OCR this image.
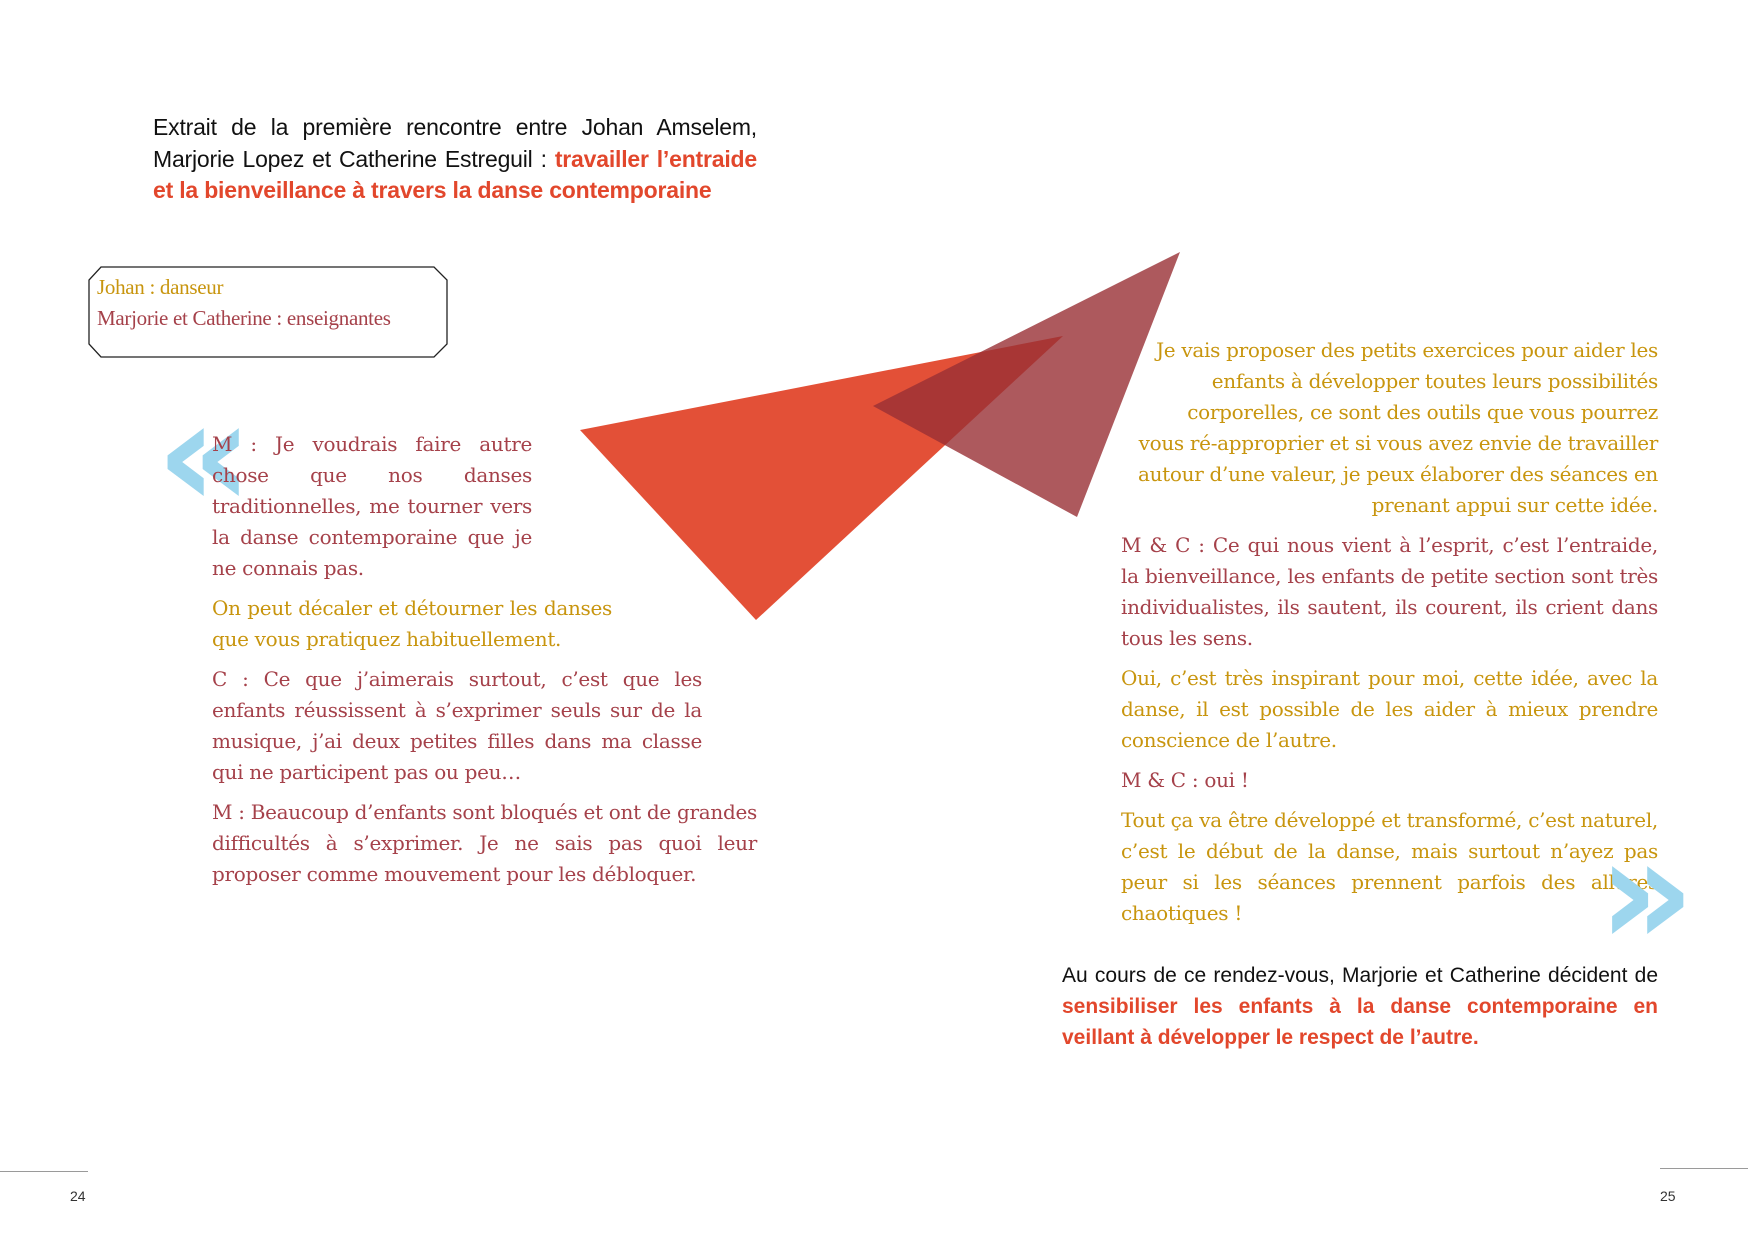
Extrait de la première rencontre entre Johan Amselem, Marjorie Lopez et Catherine Estreguil : travailler l’entraide et la bienveillance à travers la danse contemporaine
Johan : danseur
Marjorie et Catherine : enseignantes
«

M : Je voudrais faire autre chose que nos danses traditionnelles, me tourner vers la danse contemporaine que je ne connais pas.

On peut décaler et détourner les danses que vous pratiquez habituellement.

C : Ce que j’aimerais surtout, c’est que les enfants réussissent à s’exprimer seuls sur de la musique, j’ai deux petites filles dans ma classe qui ne participent pas ou peu…

M : Beaucoup d’enfants sont bloqués et ont de grandes difficultés à s’exprimer. Je ne sais pas quoi leur proposer comme mouvement pour les débloquer.

Je vais proposer des petits exercices pour aider les enfants à développer toutes leurs possibilités corporelles, ce sont des outils que vous pourrez vous ré-approprier et si vous avez envie de travailler autour d’une valeur, je peux élaborer des séances en prenant appui sur cette idée.

M & C : Ce qui nous vient à l’esprit, c’est l’entraide, la bienveillance, les enfants de petite section sont très individualistes, ils sautent, ils courent, ils crient dans tous les sens.

Oui, c’est très inspirant pour moi, cette idée, avec la danse, il est possible de les aider à mieux prendre conscience de l’autre.

M & C : oui !

Tout ça va être développé et transformé, c’est naturel, c’est le début de la danse, mais surtout n’ayez pas peur si les séances prennent parfois des allures chaotiques !	»
Au cours de ce rendez-vous, Marjorie et Catherine décident de sensibiliser les enfants à la danse contemporaine en veillant à développer le respect de l’autre.
24	25
